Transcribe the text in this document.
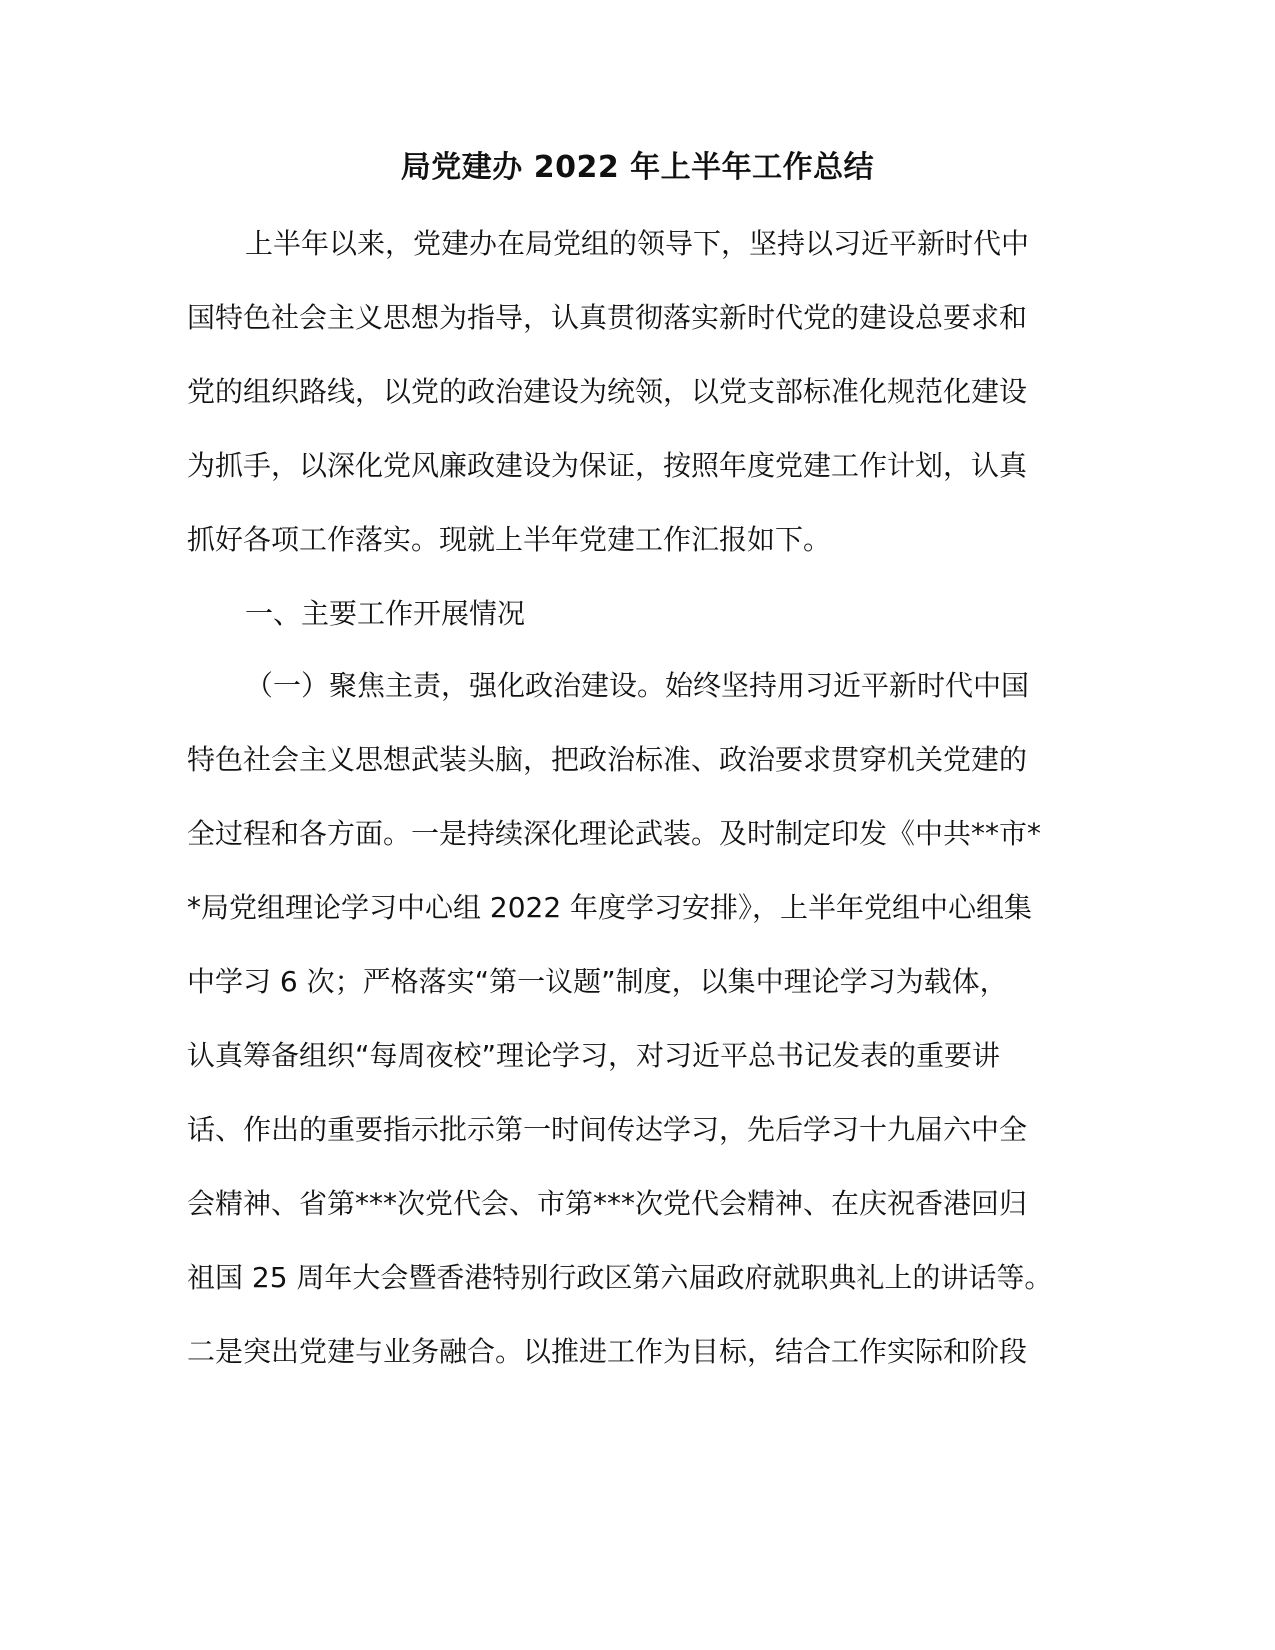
局党建办 2022 年上半年工作总结
上半年以来，党建办在局党组的领导下，坚持以习近平新时代中
国特色社会主义思想为指导，认真贯彻落实新时代党的建设总要求和
党的组织路线，以党的政治建设为统领，以党支部标准化规范化建设
为抓手，以深化党风廉政建设为保证，按照年度党建工作计划，认真
抓好各项工作落实。现就上半年党建工作汇报如下。
一、主要工作开展情况
（一）聚焦主责，强化政治建设。始终坚持用习近平新时代中国
特色社会主义思想武装头脑，把政治标准、政治要求贯穿机关党建的
全过程和各方面。一是持续深化理论武装。及时制定印发《中共**市*
*局党组理论学习中心组 2022 年度学习安排》，上半年党组中心组集
中学习 6 次；严格落实“第一议题”制度，以集中理论学习为载体，
认真筹备组织“每周夜校”理论学习，对习近平总书记发表的重要讲
话、作出的重要指示批示第一时间传达学习，先后学习十九届六中全
会精神、省第***次党代会、市第***次党代会精神、在庆祝香港回归
祖国 25 周年大会暨香港特别行政区第六届政府就职典礼上的讲话等。
二是突出党建与业务融合。以推进工作为目标，结合工作实际和阶段
